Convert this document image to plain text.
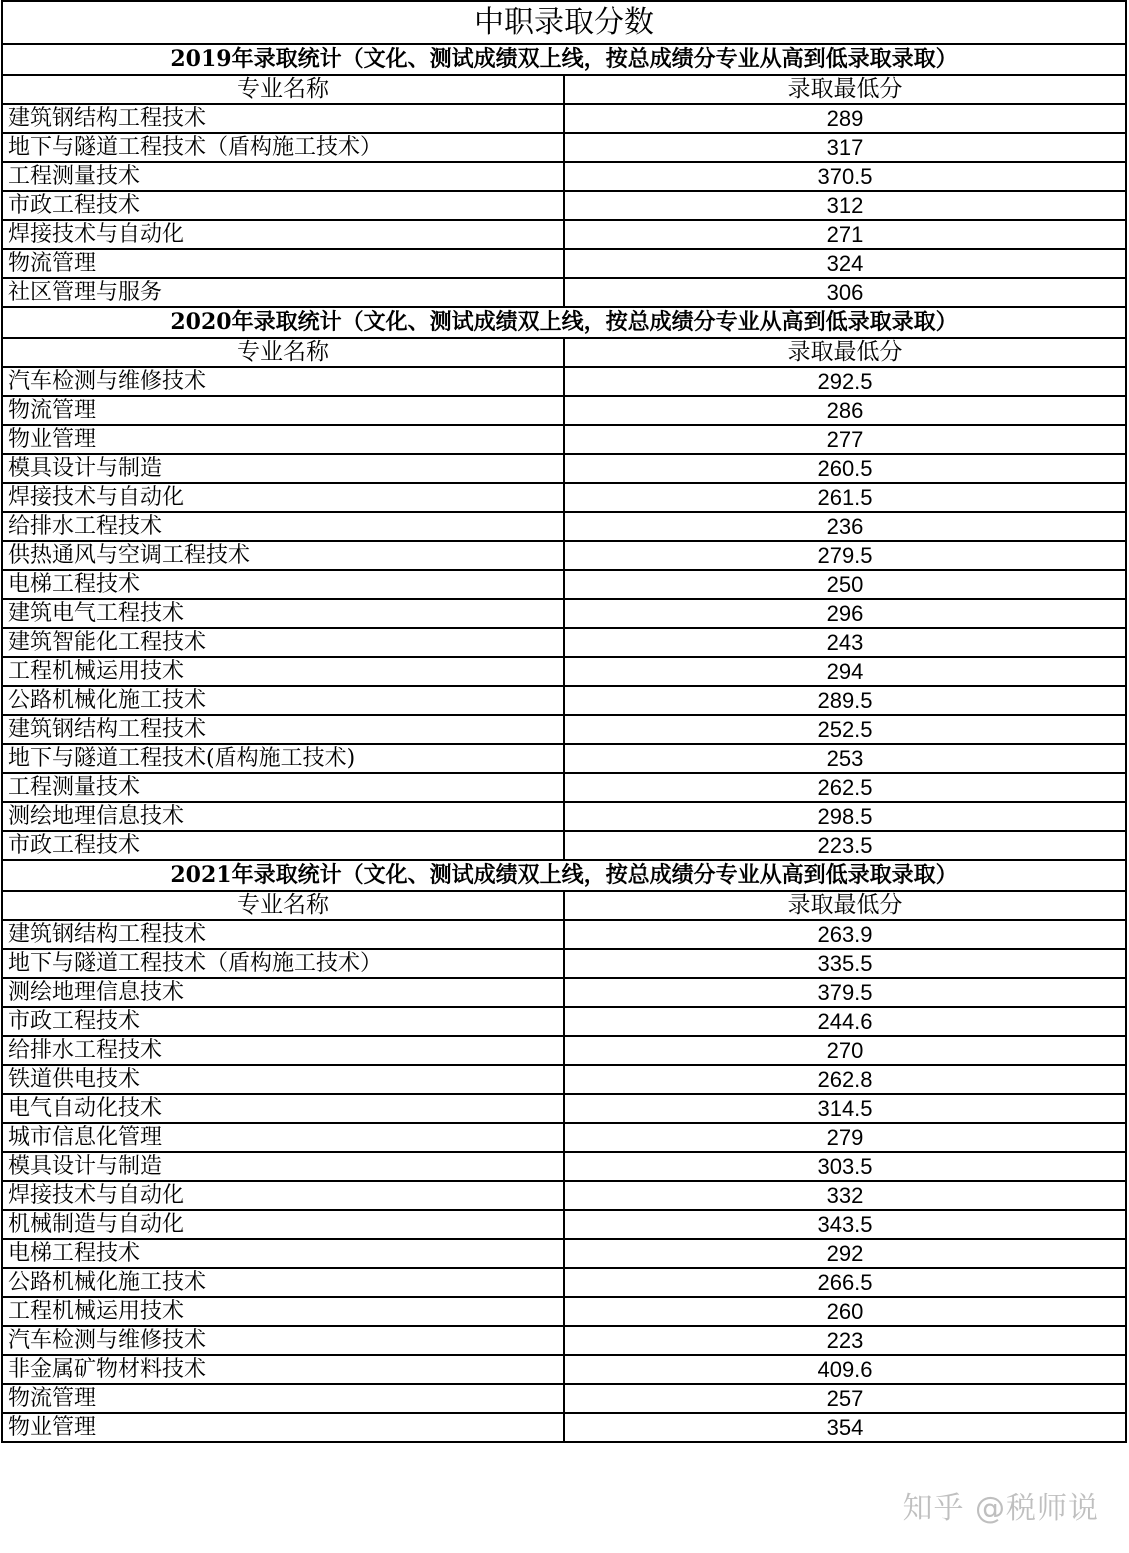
中职录取分数	
2019年录取统计（文化、测试成绩双上线，按总成绩分专业从高到低录取录取）	
专业名称	录取最低分
建筑钢结构工程技术	289
地下与隧道工程技术（盾构施工技术）	317
工程测量技术	370.5
市政工程技术	312
焊接技术与自动化	271
物流管理	324
社区管理与服务	306
2020年录取统计（文化、测试成绩双上线，按总成绩分专业从高到低录取录取）	
专业名称	录取最低分
汽车检测与维修技术	292.5
物流管理	286
物业管理	277
模具设计与制造	260.5
焊接技术与自动化	261.5
给排水工程技术	236
供热通风与空调工程技术	279.5
电梯工程技术	250
建筑电气工程技术	296
建筑智能化工程技术	243
工程机械运用技术	294
公路机械化施工技术	289.5
建筑钢结构工程技术	252.5
地下与隧道工程技术(盾构施工技术)	253
工程测量技术	262.5
测绘地理信息技术	298.5
市政工程技术	223.5
2021年录取统计（文化、测试成绩双上线，按总成绩分专业从高到低录取录取）	
专业名称	录取最低分
建筑钢结构工程技术	263.9
地下与隧道工程技术（盾构施工技术）	335.5
测绘地理信息技术	379.5
市政工程技术	244.6
给排水工程技术	270
铁道供电技术	262.8
电气自动化技术	314.5
城市信息化管理	279
模具设计与制造	303.5
焊接技术与自动化	332
机械制造与自动化	343.5
电梯工程技术	292
公路机械化施工技术	266.5
工程机械运用技术	260
汽车检测与维修技术	223
非金属矿物材料技术	409.6
物流管理	257
物业管理	354
知乎 @税师说
